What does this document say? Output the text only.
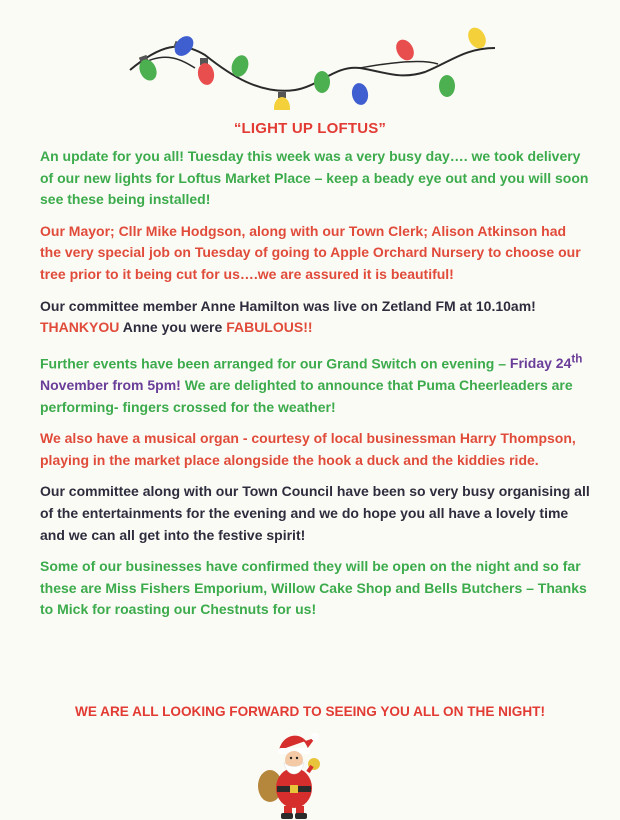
“LIGHT UP LOFTUS”

An update for you all! Tuesday this week was a very busy day…. we took delivery of our new lights for Loftus Market Place – keep a beady eye out and you will soon see these being installed!

Our Mayor; Cllr Mike Hodgson, along with our Town Clerk; Alison Atkinson had the very special job on Tuesday of going to Apple Orchard Nursery to choose our tree prior to it being cut for us….we are assured it is beautiful!

Our committee member Anne Hamilton was live on Zetland FM at 10.10am! THANKYOU Anne you were FABULOUS!!

Further events have been arranged for our Grand Switch on evening – Friday 24th November from 5pm! We are delighted to announce that Puma Cheerleaders are performing- fingers crossed for the weather!

We also have a musical organ - courtesy of local businessman Harry Thompson, playing in the market place alongside the hook a duck and the kiddies ride.

Our committee along with our Town Council have been so very busy organising all of the entertainments for the evening and we do hope you all have a lovely time and we can all get into the festive spirit!

Some of our businesses have confirmed they will be open on the night and so far these are Miss Fishers Emporium, Willow Cake Shop and Bells Butchers – Thanks to Mick for roasting our Chestnuts for us!

WE ARE ALL LOOKING FORWARD TO SEEING YOU ALL ON THE NIGHT!
